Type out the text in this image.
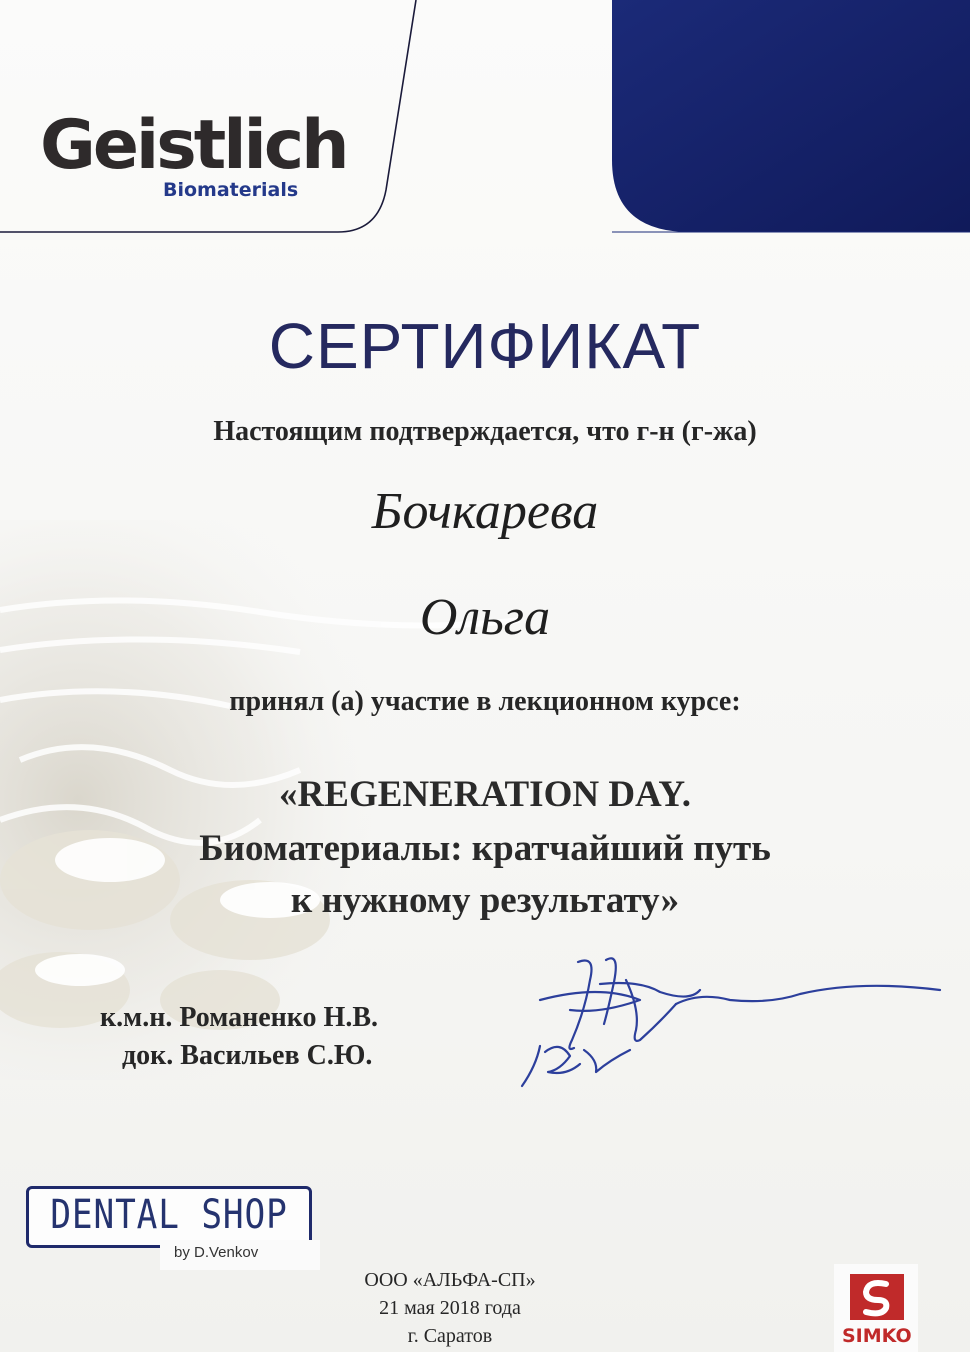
Geistlich
Biomaterials
СЕРТИФИКАТ
Настоящим подтверждается, что г-н (г-жа)
Бочкарева
Ольга
принял (а) участие в лекционном курсе:
«REGENERATION DAY.
Биоматериалы: кратчайший путь
к нужному результату»
к.м.н. Романенко Н.В.
док. Васильев С.Ю.
DENTAL SHOP
by D.Venkov
ООО «АЛЬФА-СП»
21 мая 2018 года
г. Саратов	SIMKO
